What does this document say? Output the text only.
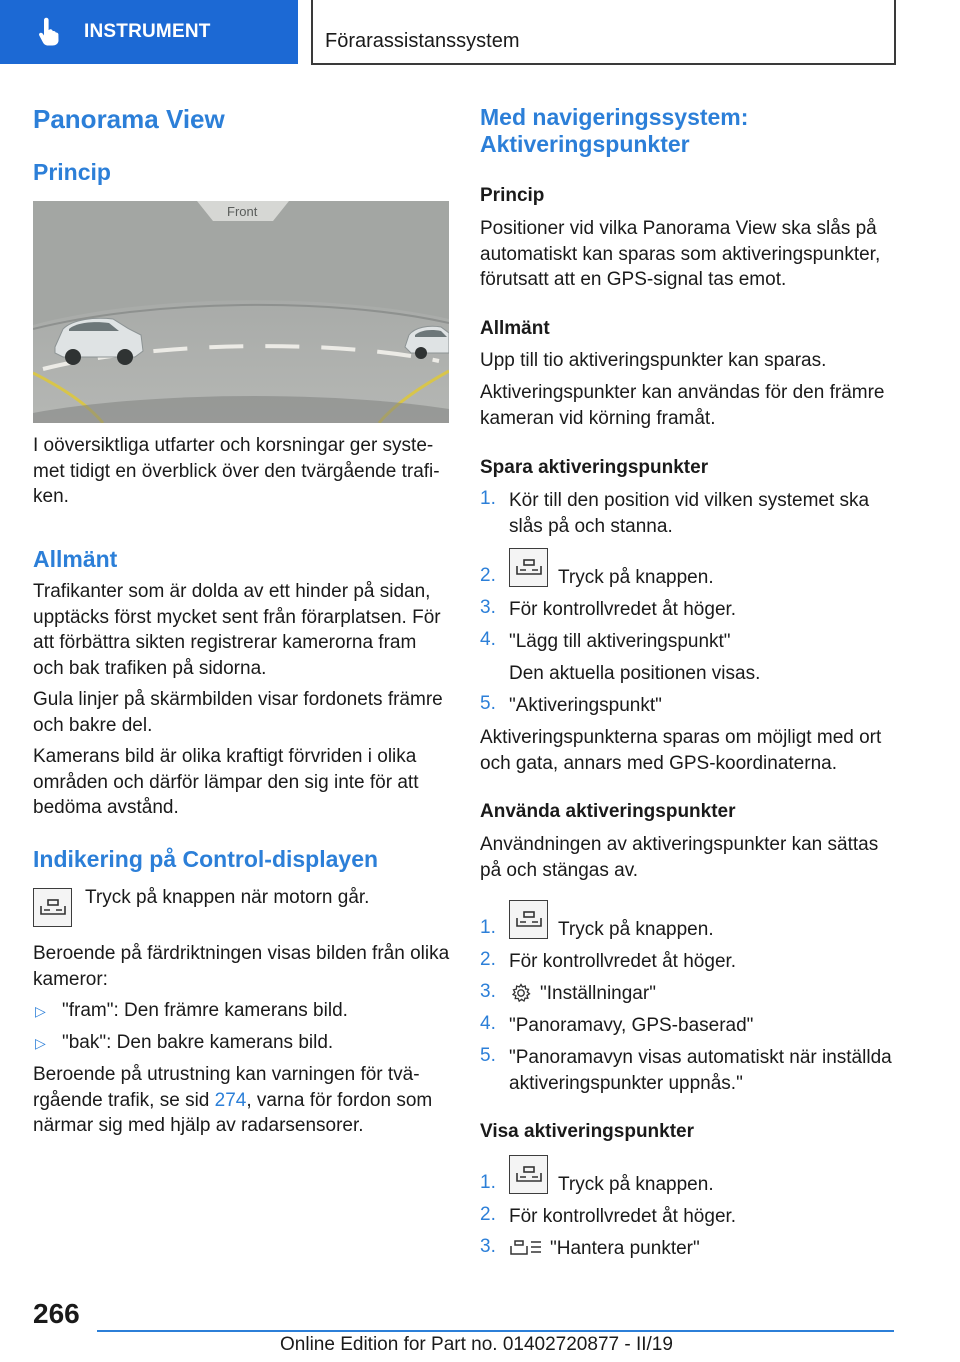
INSTRUMENT	Förarassistanssystem
Panorama View
Princip
Front
I oöversiktliga utfarter och korsningar ger syste-
met tidigt en överblick över den tvärgående trafi-
ken.
Allmänt
Trafikanter som är dolda av ett hinder på sidan,
upptäcks först mycket sent från förarplatsen. För
att förbättra sikten registrerar kamerorna fram
och bak trafiken på sidorna.
Gula linjer på skärmbilden visar fordonets främre
och bakre del.
Kamerans bild är olika kraftigt förvriden i olika
områden och därför lämpar den sig inte för att
bedöma avstånd.
Indikering på Control-displayen
Tryck på knappen när motorn går.
Beroende på färdriktningen visas bilden från olika
kameror:
▷ "fram": Den främre kamerans bild.
▷ "bak": Den bakre kamerans bild.
Beroende på utrustning kan varningen för tvä-
rgående trafik, se sid 274, varna för fordon som
närmar sig med hjälp av radarsensorer.
Med navigeringssystem:
Aktiveringspunkter
Princip
Positioner vid vilka Panorama View ska slås på
automatiskt kan sparas som aktiveringspunkter,
förutsatt att en GPS-signal tas emot.
Allmänt
Upp till tio aktiveringspunkter kan sparas.
Aktiveringspunkter kan användas för den främre
kameran vid körning framåt.
Spara aktiveringspunkter
1. Kör till den position vid vilken systemet ska
slås på och stanna.
2.	Tryck på knappen.
3. För kontrollvredet åt höger.
4. "Lägg till aktiveringspunkt"
Den aktuella positionen visas.
5. "Aktiveringspunkt"
Aktiveringspunkterna sparas om möjligt med ort
och gata, annars med GPS-koordinaterna.
Använda aktiveringspunkter
Användningen av aktiveringspunkter kan sättas
på och stängas av.
1.	Tryck på knappen.
2. För kontrollvredet åt höger.
3. "Inställningar"
4. "Panoramavy, GPS-baserad"
5. "Panoramavyn visas automatiskt när inställda
aktiveringspunkter uppnås."
Visa aktiveringspunkter
1.	Tryck på knappen.
2. För kontrollvredet åt höger.
3.	"Hantera punkter"
266
Online Edition for Part no. 01402720877 - II/19
